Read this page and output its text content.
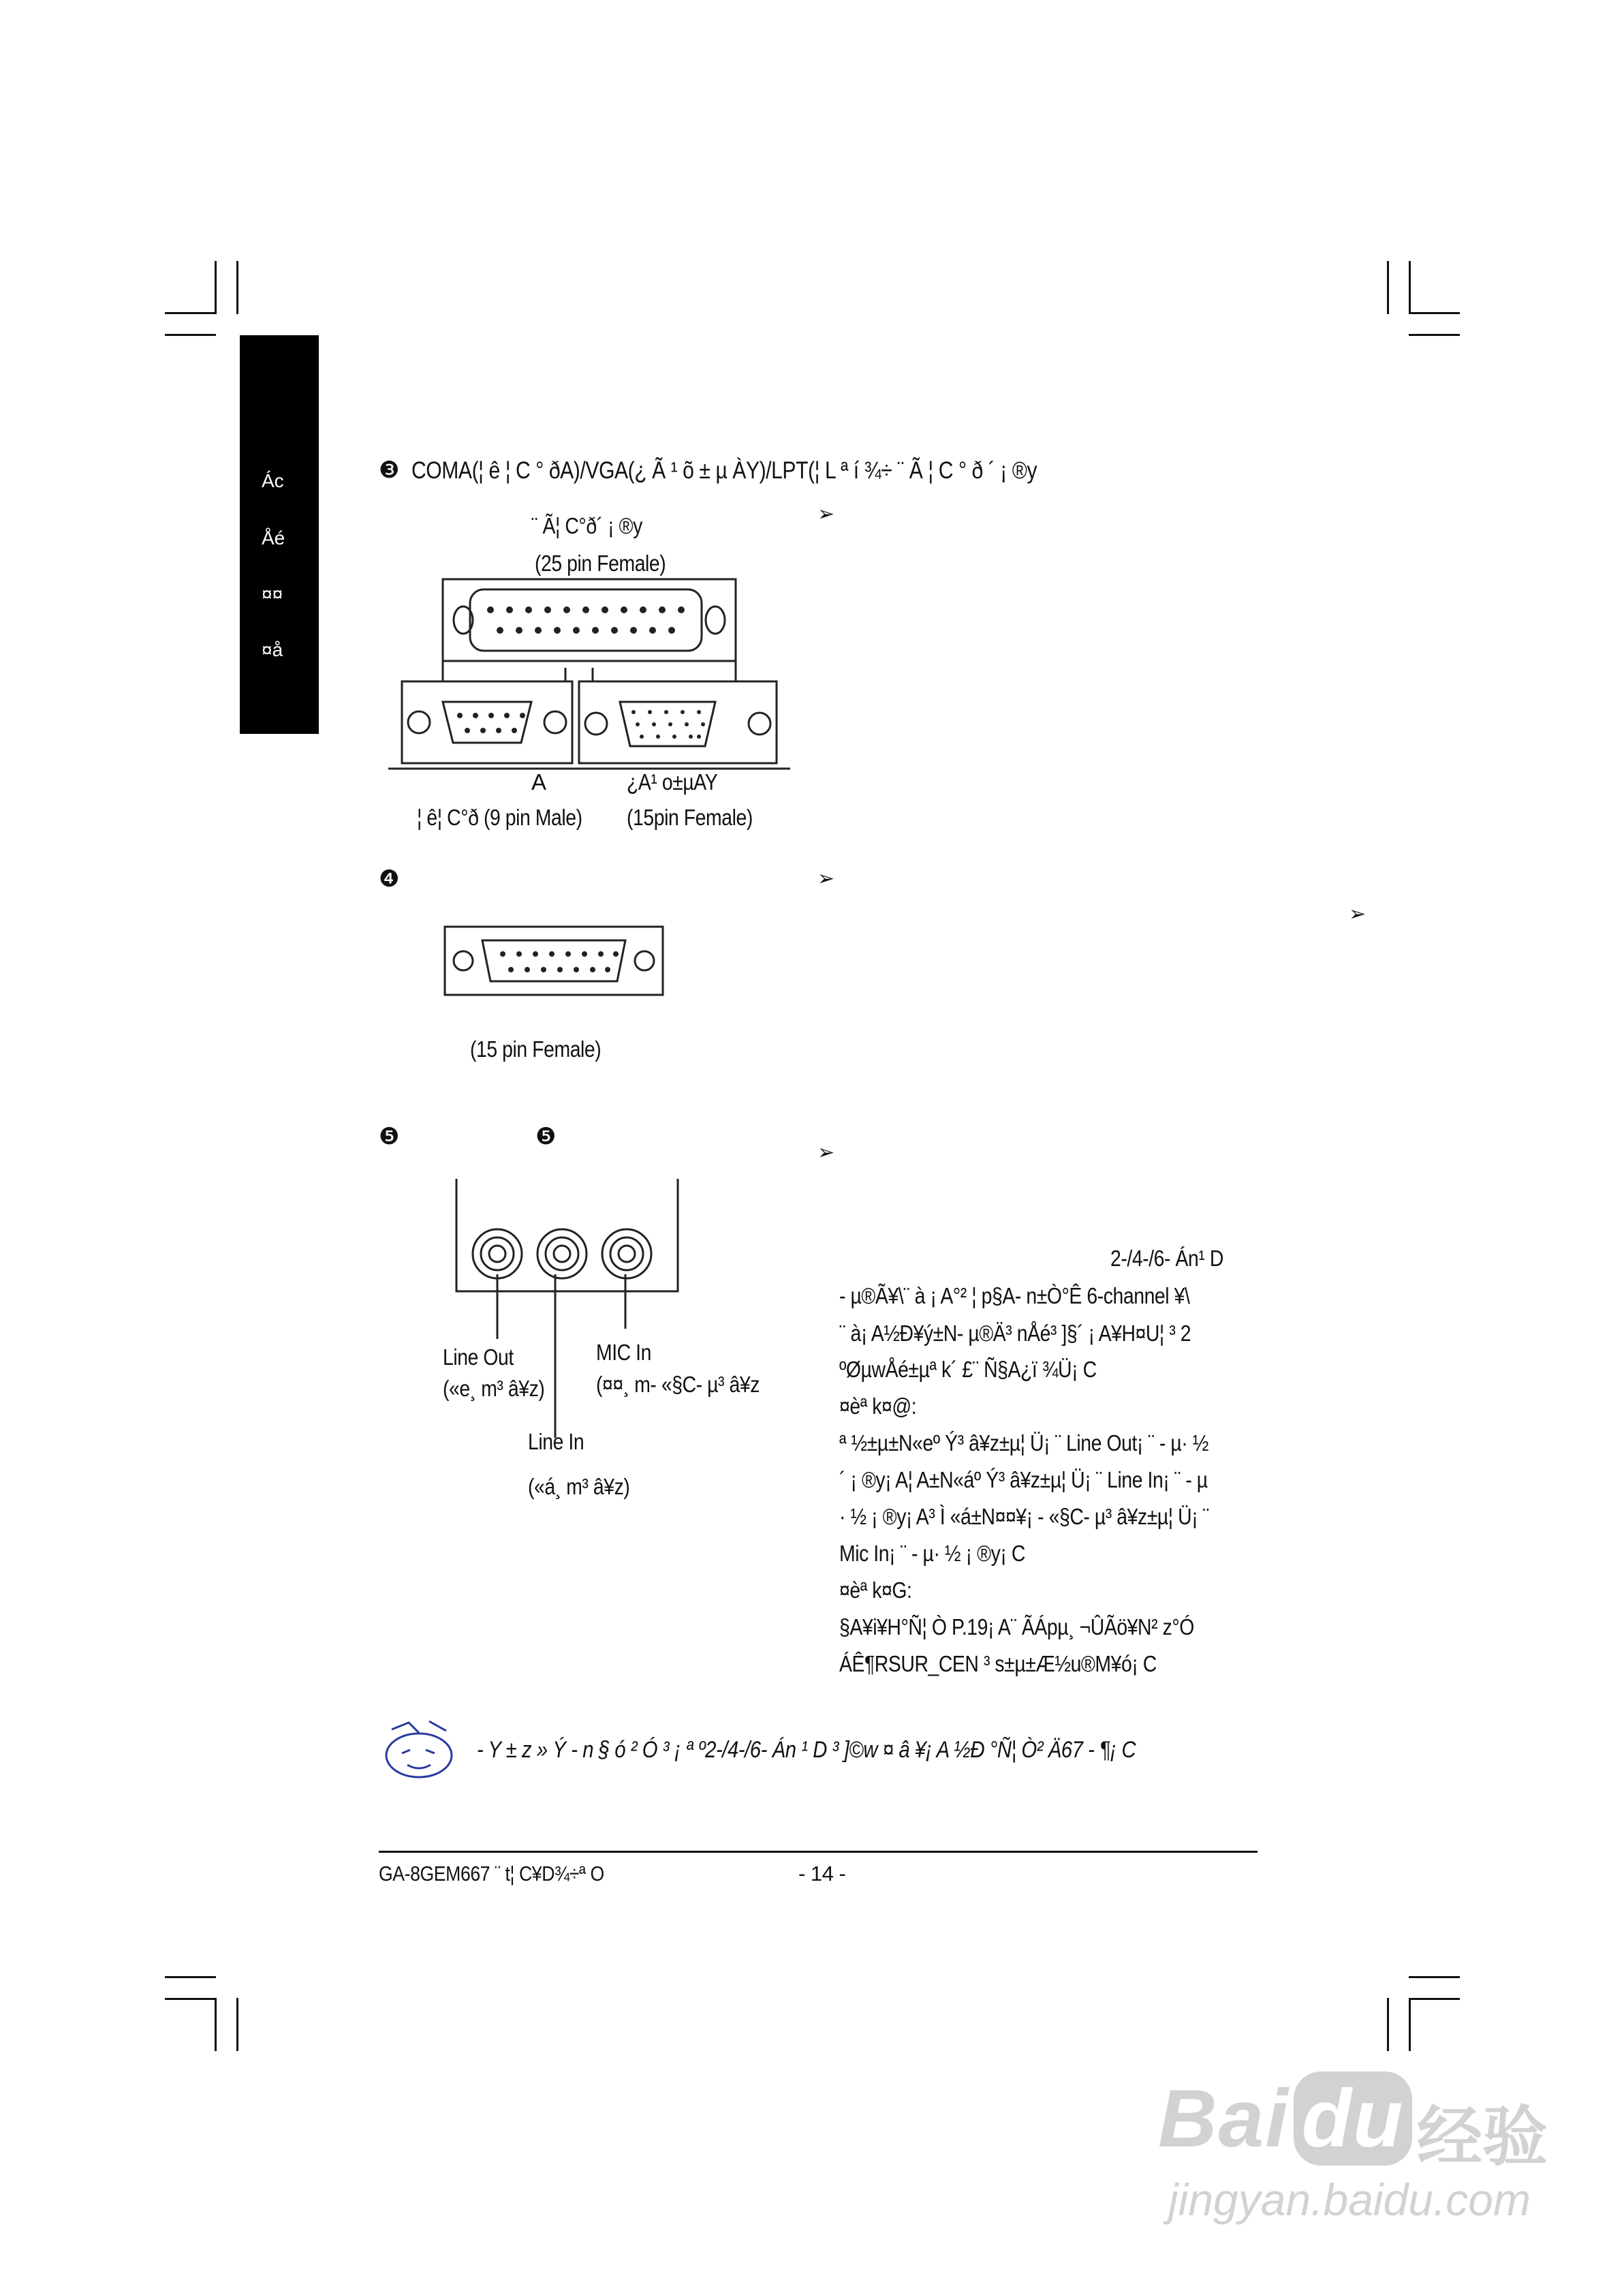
Ác
Åé
¤¤
¤å
❸ COMA(¦ ê ¦ C ° ðA)/VGA(¿ Ã ¹ õ ± µ ÀY)/LPT(¦ L ª í ¾÷ ¨ Ã ¦ C ° ð ´ ¡ ®y
¨ Ã¦ C°ð´ ¡ ®y
(25 pin Female)
A	¿A¹ o±µAY
¦ ê¦ C°ð (9 pin Male) (15pin Female)
➢
❹
(15 pin Female)
➢
➢
❺	❺
➢
Line Out
(«e¸ m³ â¥z)
MIC In
(¤¤¸ m- «§C- µ³ â¥z
Line In
(«á¸ m³ â¥z)
2-/4-/6- Án¹ D
- µ®Ã¥\¨ à ¡ A°² ¦ p§A- n±Ò°Ê 6-channel ¥\
¨ à¡ A½Ð¥ý±N- µ®Ä³ nÅé³ ]§´ ¡ A¥H¤U¦ ³ 2
ºØµwÅé±µª k´ £¨ Ñ§A¿ï ¾Ü¡ C
¤èª k¤@:
ª ½±µ±N«eº Ý³ â¥z±µ¦ Ü¡ ¨ Line Out¡ ¨ - µ· ½
´ ¡ ®y¡ A¦ A±N«áº Ý³ â¥z±µ¦ Ü¡ ¨ Line In¡ ¨ - µ
· ½ ¡ ®y¡ A³ Ì «á±N¤¤¥¡ - «§C- µ³ â¥z±µ¦ Ü¡ ¨
Mic In¡ ¨ - µ· ½ ¡ ®y¡ C
¤èª k¤G:
§A¥i¥H°Ñ¦ Ò P.19¡ A¨ ÃÁpµ¸ ¬ÛÃö¥N² z°Ó
ÁÊ¶RSUR_CEN ³ s±µ±Æ½u®M¥ó¡ C
- Y ± z » Ý - n § ó ² Ó ³ ¡ ª º2-/4-/6- Án ¹ D ³ ]©w ¤ â ¥¡ A ½Ð °Ñ¦ Ò² Ä67 - ¶¡ C
GA-8GEM667 ¨ t¦ C¥D¾÷ª O	- 14 -
Bai du 经验
jingyan.baidu.com
